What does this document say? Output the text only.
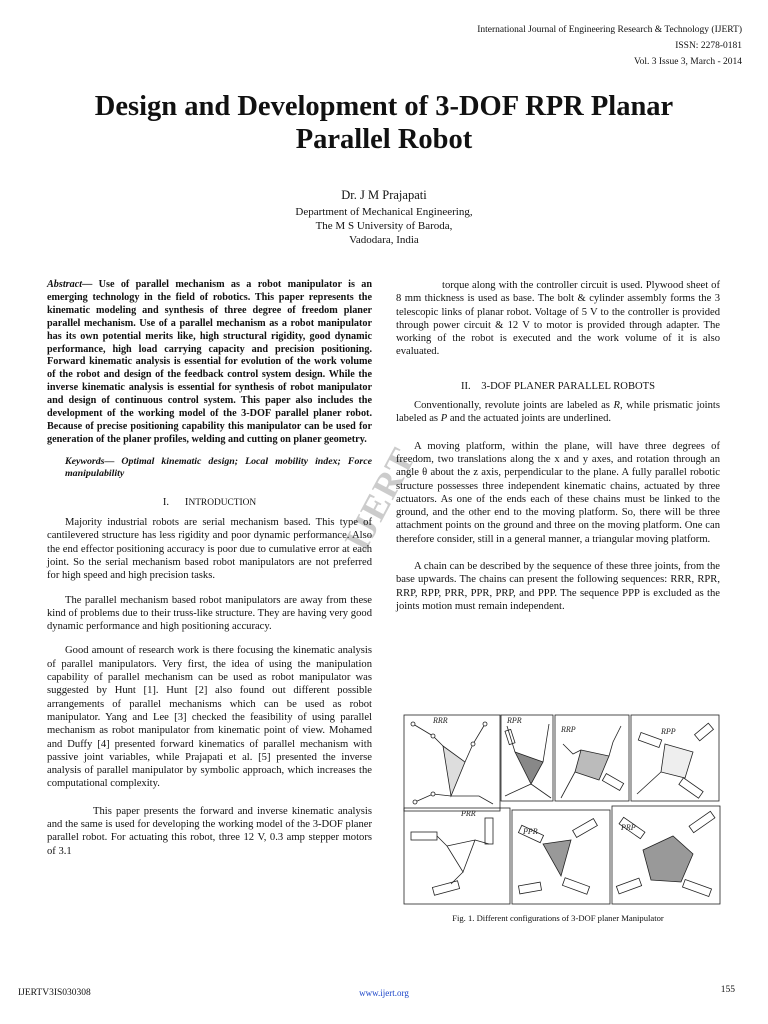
International Journal of Engineering Research & Technology (IJERT)
ISSN: 2278-0181
Vol. 3 Issue 3, March - 2014
Design and Development of 3-DOF RPR Planar
Parallel Robot
Dr. J M Prajapati
Department of Mechanical Engineering,
The M S University of Baroda,
Vadodara, India
IJERT

Abstract— Use of parallel mechanism as a robot manipulator is an emerging technology in the field of robotics. This paper represents the kinematic modeling and synthesis of three degree of freedom planer parallel mechanism. Use of a parallel mechanism as a robot manipulator has its own potential merits like, high structural rigidity, good dynamic performance, high load carrying capacity and precision positioning. Forward kinematic analysis is essential for evolution of the work volume of the robot and design of the feedback control system design. While the inverse kinematic analysis is essential for synthesis of robot manipulator and design of continuous control system. This paper also includes the development of the working model of the 3-DOF parallel planer robot. Because of precise positioning capability this manipulator can be used for generation of the planer profiles, welding and cutting on planer geometry.

Keywords— Optimal kinematic design; Local mobility index; Force manipulability

I. INTRODUCTION

Majority industrial robots are serial mechanism based. This type of cantilevered structure has less rigidity and poor dynamic performance. Also the end effector positioning accuracy is poor due to cumulative error at each joint. So the serial mechanism based robot manipulators are not preferred for high speed and high precision tasks.

The parallel mechanism based robot manipulators are away from these kind of problems due to their truss-like structure. They are having very good dynamic performance and high positioning accuracy.

Good amount of research work is there focusing the kinematic analysis of parallel manipulators. Very first, the idea of using the manipulation capability of parallel mechanism can be used as robot manipulator was suggested by Hunt [1]. Hunt [2] also found out different possible arrangements of parallel mechanisms which can be used as robot manipulator. Yang and Lee [3] checked the feasibility of using parallel mechanism as robot manipulator from kinematic point of view. Mohamed and Duffy [4] presented forward kinematics of parallel mechanism with passive joint variables, while Prajapati et al. [5] presented the inverse analysis of parallel manipulator by symbolic approach, which increases the computational complexity.

This paper presents the forward and inverse kinematic analysis and the same is used for developing the working model of the 3-DOF planer parallel robot. For actuating this robot, three 12 V, 0.3 amp stepper motors of 3.1

torque along with the controller circuit is used. Plywood sheet of 8 mm thickness is used as base. The bolt & cylinder assembly forms the 3 telescopic links of planar robot. Voltage of 5 V to the controller is provided through power circuit & 12 V to motor is provided through adapter. The working of the robot is executed and the work volume of it is also evaluated.

II. 3-DOF PLANER PARALLEL ROBOTS

Conventionally, revolute joints are labeled as R, while prismatic joints labeled as P and the actuated joints are underlined.

A moving platform, within the plane, will have three degrees of freedom, two translations along the x and y axes, and rotation through an angle θ about the z axis, perpendicular to the plane. A fully parallel robotic structure possesses three independent kinematic chains, actuated by three actuators. As one of the ends each of these chains must be linked to the ground, and the other end to the moving platform. So, there will be three attachment points on the ground and three on the moving platform. One can therefore consider, still in a general manner, a triangular moving platform.

A chain can be described by the sequence of these three joints, from the base upwards. The chains can present the following sequences: RRR, RPR, RRP, RPP, PRR, PPR, PRP, and PPP. The sequence PPP is excluded as the joints motion must remain independent.

RRR	RPR
RRP	RPP
PRR
PPR	PRP
Fig. 1. Different configurations of 3-DOF planer Manipulator
IJERTV3IS030308	www.ijert.org	155
